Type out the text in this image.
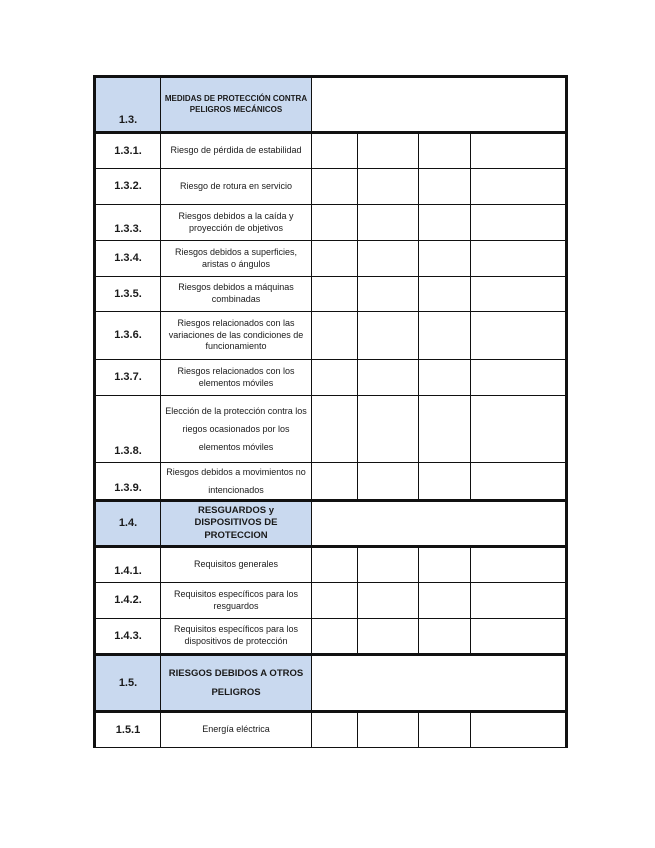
1.3.	MEDIDAS DE PROTECCIÓN CONTRA PELIGROS MECÁNICOS				
1.3.1.	Riesgo de pérdida de estabilidad				
1.3.2.	Riesgo de rotura en servicio				
1.3.3.	Riesgos debidos a la caída y proyección de objetivos				
1.3.4.	Riesgos debidos a superficies, aristas o ángulos				
1.3.5.	Riesgos debidos a máquinas combinadas				
1.3.6.	Riesgos relacionados con las variaciones de las condiciones de funcionamiento				
1.3.7.	Riesgos relacionados con los elementos móviles				
1.3.8.	Elección de la protección contra los riegos ocasionados por los elementos móviles				
1.3.9.	Riesgos debidos a movimientos no intencionados				
1.4.	RESGUARDOS y DISPOSITIVOS DE PROTECCION				
1.4.1.	Requisitos generales				
1.4.2.	Requisitos específicos para los resguardos				
1.4.3.	Requisitos específicos para los dispositivos de protección				
1.5.	RIESGOS DEBIDOS A OTROS PELIGROS				
1.5.1	Energía eléctrica				
